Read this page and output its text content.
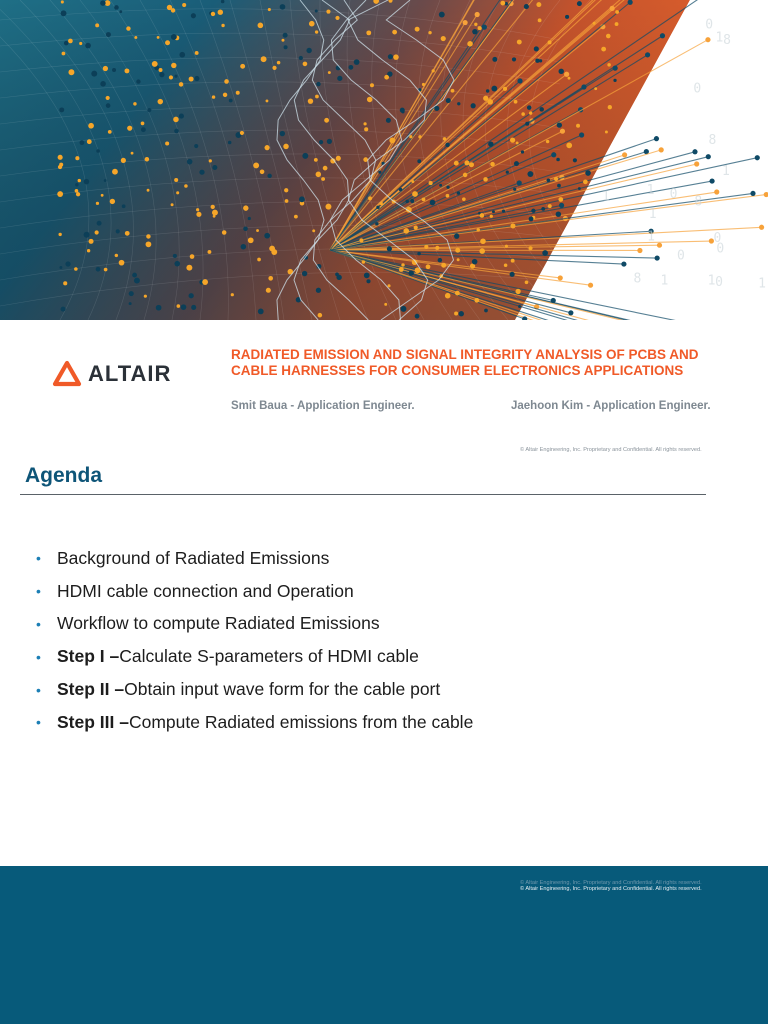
0
1	8
0
1
0
1
8
0
1
0
1
8
0
1
0
1
8	1
1
ALTAIR
RADIATED EMISSION AND SIGNAL INTEGRITY ANALYSIS OF PCBS AND
CABLE HARNESSES FOR CONSUMER ELECTRONICS APPLICATIONS
Smit Baua - Application Engineer.	Jaehoon Kim - Application Engineer.
© Altair Engineering, Inc. Proprietary and Confidential. All rights reserved.
Agenda
• Background of Radiated Emissions
• HDMI cable connection and Operation
• Workflow to compute Radiated Emissions
• Step I – Calculate S-parameters of HDMI cable
• Step II – Obtain input wave form for the cable port
• Step III – Compute Radiated emissions from the cable
© Altair Engineering, Inc. Proprietary and Confidential. All rights reserved.
© Altair Engineering, Inc. Proprietary and Confidential. All rights reserved.
